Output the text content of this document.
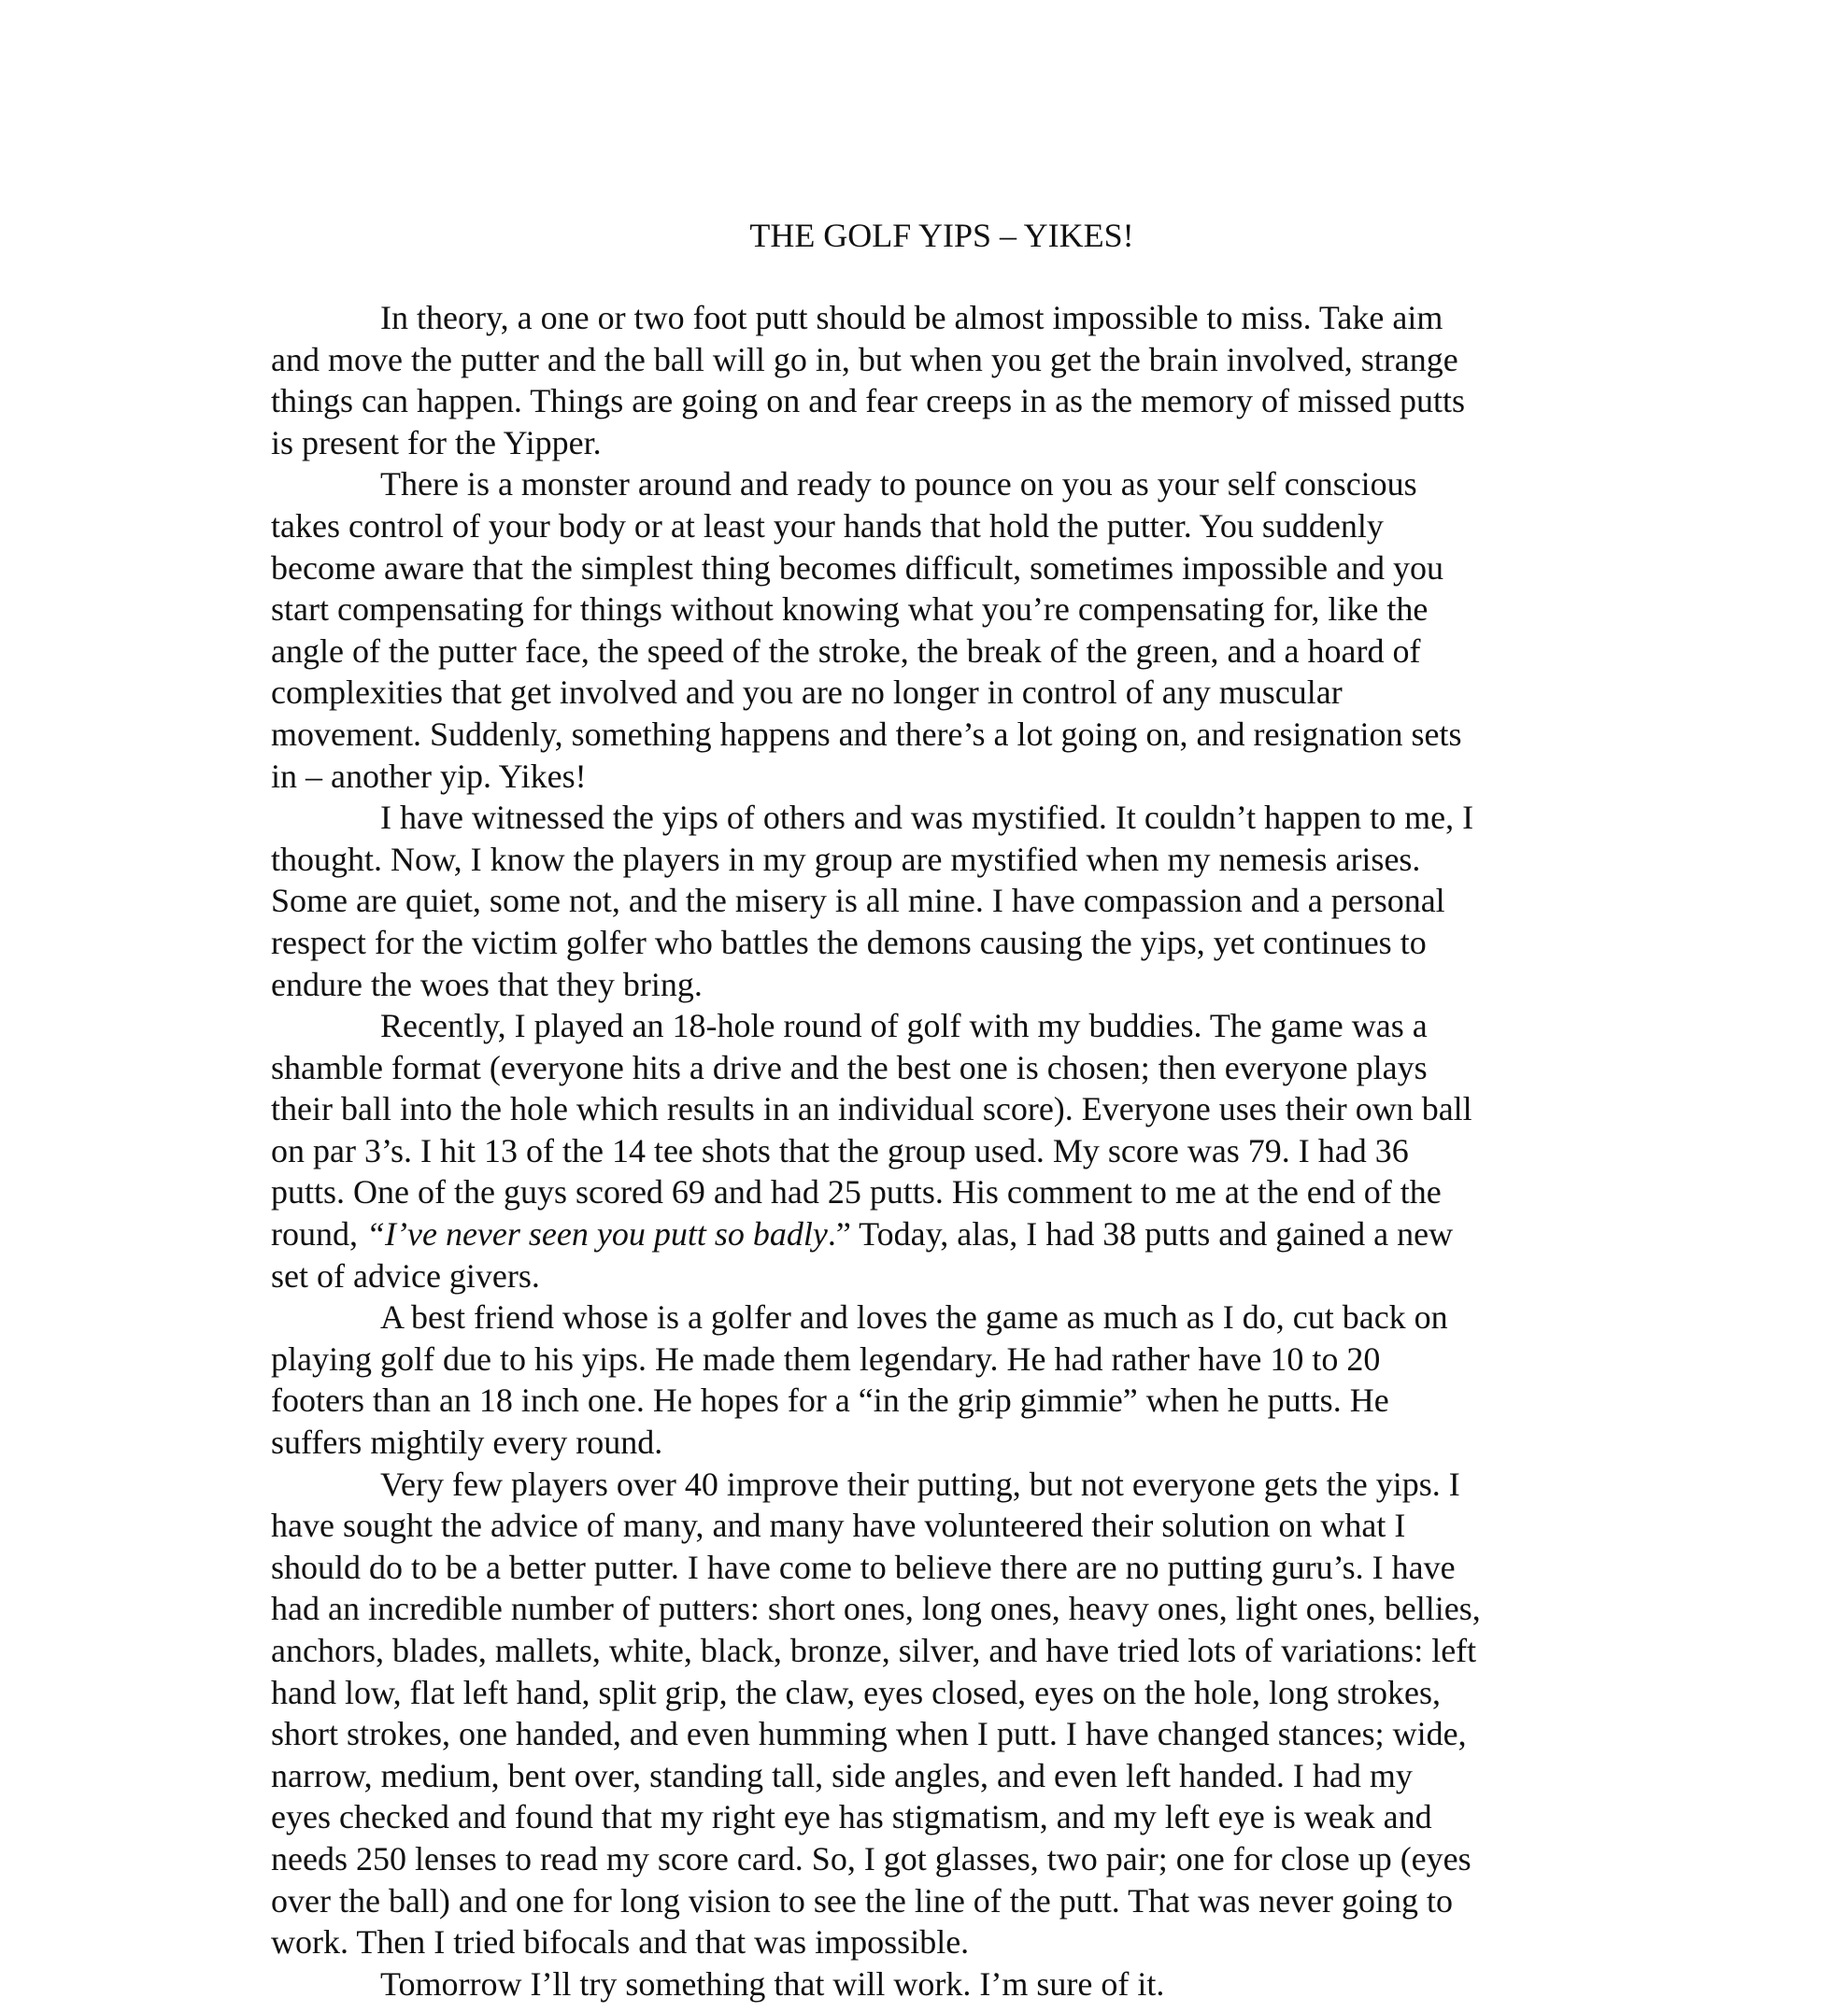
THE GOLF YIPS – YIKES!
In theory, a one or two foot putt should be almost impossible to miss. Take aim
and move the putter and the ball will go in, but when you get the brain involved, strange
things can happen. Things are going on and fear creeps in as the memory of missed putts
is present for the Yipper.
There is a monster around and ready to pounce on you as your self conscious
takes control of your body or at least your hands that hold the putter. You suddenly
become aware that the simplest thing becomes difficult, sometimes impossible and you
start compensating for things without knowing what you’re compensating for, like the
angle of the putter face, the speed of the stroke, the break of the green, and a hoard of
complexities that get involved and you are no longer in control of any muscular
movement. Suddenly, something happens and there’s a lot going on, and resignation sets
in – another yip. Yikes!
I have witnessed the yips of others and was mystified. It couldn’t happen to me, I
thought. Now, I know the players in my group are mystified when my nemesis arises.
Some are quiet, some not, and the misery is all mine. I have compassion and a personal
respect for the victim golfer who battles the demons causing the yips, yet continues to
endure the woes that they bring.
Recently, I played an 18-hole round of golf with my buddies. The game was a
shamble format (everyone hits a drive and the best one is chosen; then everyone plays
their ball into the hole which results in an individual score). Everyone uses their own ball
on par 3’s. I hit 13 of the 14 tee shots that the group used. My score was 79. I had 36
putts. One of the guys scored 69 and had 25 putts. His comment to me at the end of the
round, “I’ve never seen you putt so badly.” Today, alas, I had 38 putts and gained a new
set of advice givers.
A best friend whose is a golfer and loves the game as much as I do, cut back on
playing golf due to his yips. He made them legendary. He had rather have 10 to 20
footers than an 18 inch one. He hopes for a “in the grip gimmie” when he putts. He
suffers mightily every round.
Very few players over 40 improve their putting, but not everyone gets the yips. I
have sought the advice of many, and many have volunteered their solution on what I
should do to be a better putter. I have come to believe there are no putting guru’s. I have
had an incredible number of putters: short ones, long ones, heavy ones, light ones, bellies,
anchors, blades, mallets, white, black, bronze, silver, and have tried lots of variations: left
hand low, flat left hand, split grip, the claw, eyes closed, eyes on the hole, long strokes,
short strokes, one handed, and even humming when I putt. I have changed stances; wide,
narrow, medium, bent over, standing tall, side angles, and even left handed. I had my
eyes checked and found that my right eye has stigmatism, and my left eye is weak and
needs 250 lenses to read my score card. So, I got glasses, two pair; one for close up (eyes
over the ball) and one for long vision to see the line of the putt. That was never going to
work. Then I tried bifocals and that was impossible.
Tomorrow I’ll try something that will work. I’m sure of it.
